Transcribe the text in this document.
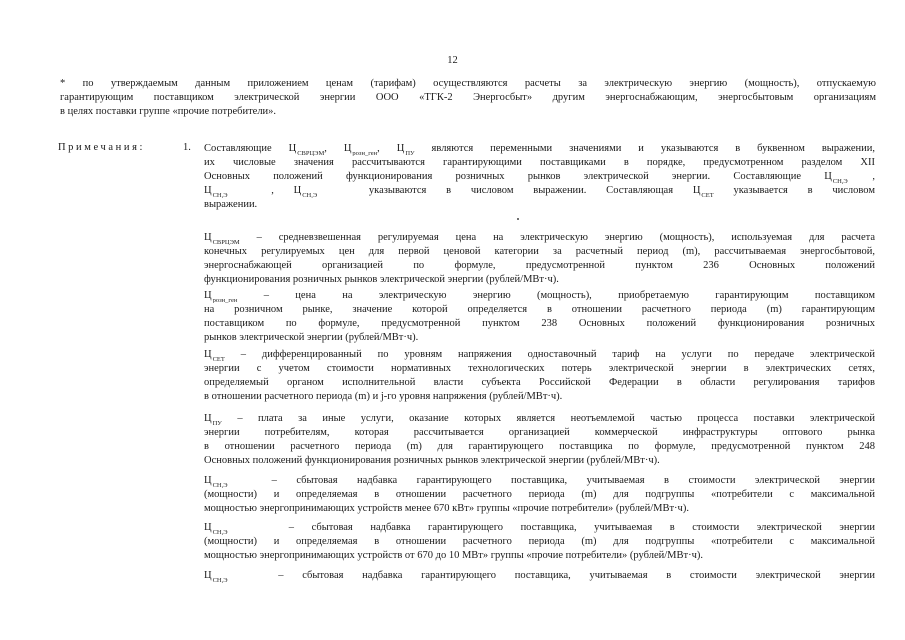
12
* по утверждаемым данным приложением ценам (тарифам) осуществляются расчеты за электрическую энергию (мощность), отпускаемую
гарантирующим поставщиком электрической энергии ООО «ТГК-2 Энергосбыт» другим энергоснабжающим, энергосбытовым организациям
в целях поставки группе «прочие потребители».
Примечания:	1. Составляющие Ц СВРЦЭМ , Ц розн_ген , Ц ПУ являются переменными значениями и указываются в буквенном выражении,
их числовые значения рассчитываются гарантирующими поставщиками в порядке, предусмотренном разделом XII
Основных положений функционирования розничных рынков электрической энергии. Составляющие Ц СН,Э	,
Ц СН,Э	, Ц СН,Э	указываются в числовом выражении. Составляющая Ц СЕТ указывается в числовом
выражении.
Ц СВРЦЭМ – средневзвешенная регулируемая цена на электрическую энергию (мощность), используемая для расчета
конечных регулируемых цен для первой ценовой категории за расчетный период (m), рассчитываемая энергосбытовой,
энергоснабжающей организацией по формуле, предусмотренной пунктом 236 Основных положений
функционирования розничных рынков электрической энергии (рублей/МВт·ч).
Ц розн_ген	– цена на электрическую энергию (мощность), приобретаемую гарантирующим поставщиком
на розничном рынке, значение которой определяется в отношении расчетного периода (m) гарантирующим
поставщиком по формуле, предусмотренной пунктом 238 Основных положений функционирования розничных
рынков электрической энергии (рублей/МВт·ч).
Ц СЕТ – дифференцированный по уровням напряжения одноставочный тариф на услуги по передаче электрической
энергии с учетом стоимости нормативных технологических потерь электрической энергии в электрических сетях,
определяемый органом исполнительной власти субъекта Российской Федерации в области регулирования тарифов
в отношении расчетного периода (m) и j-го уровня напряжения (рублей/МВт·ч).
Ц ПУ – плата за иные услуги, оказание которых является неотъемлемой частью процесса поставки электрической
энергии потребителям, которая рассчитывается организацией коммерческой инфраструктуры оптового рынка
в отношении расчетного периода (m) для гарантирующего поставщика по формуле, предусмотренной пунктом 248
Основных положений функционирования розничных рынков электрической энергии (рублей/МВт·ч).
Ц СН,Э	– сбытовая надбавка гарантирующего поставщика, учитываемая в стоимости электрической энергии
(мощности) и определяемая в отношении расчетного периода (m) для подгруппы «потребители с максимальной
мощностью энергопринимающих устройств менее 670 кВт» группы «прочие потребители» (рублей/МВт·ч).
Ц СН,Э	– сбытовая надбавка гарантирующего поставщика, учитываемая в стоимости электрической энергии
(мощности) и определяемая в отношении расчетного периода (m) для подгруппы «потребители с максимальной
мощностью энергопринимающих устройств от 670 до 10 МВт» группы «прочие потребители» (рублей/МВт·ч).
Ц СН,Э	– сбытовая надбавка гарантирующего поставщика, учитываемая в стоимости электрической энергии
